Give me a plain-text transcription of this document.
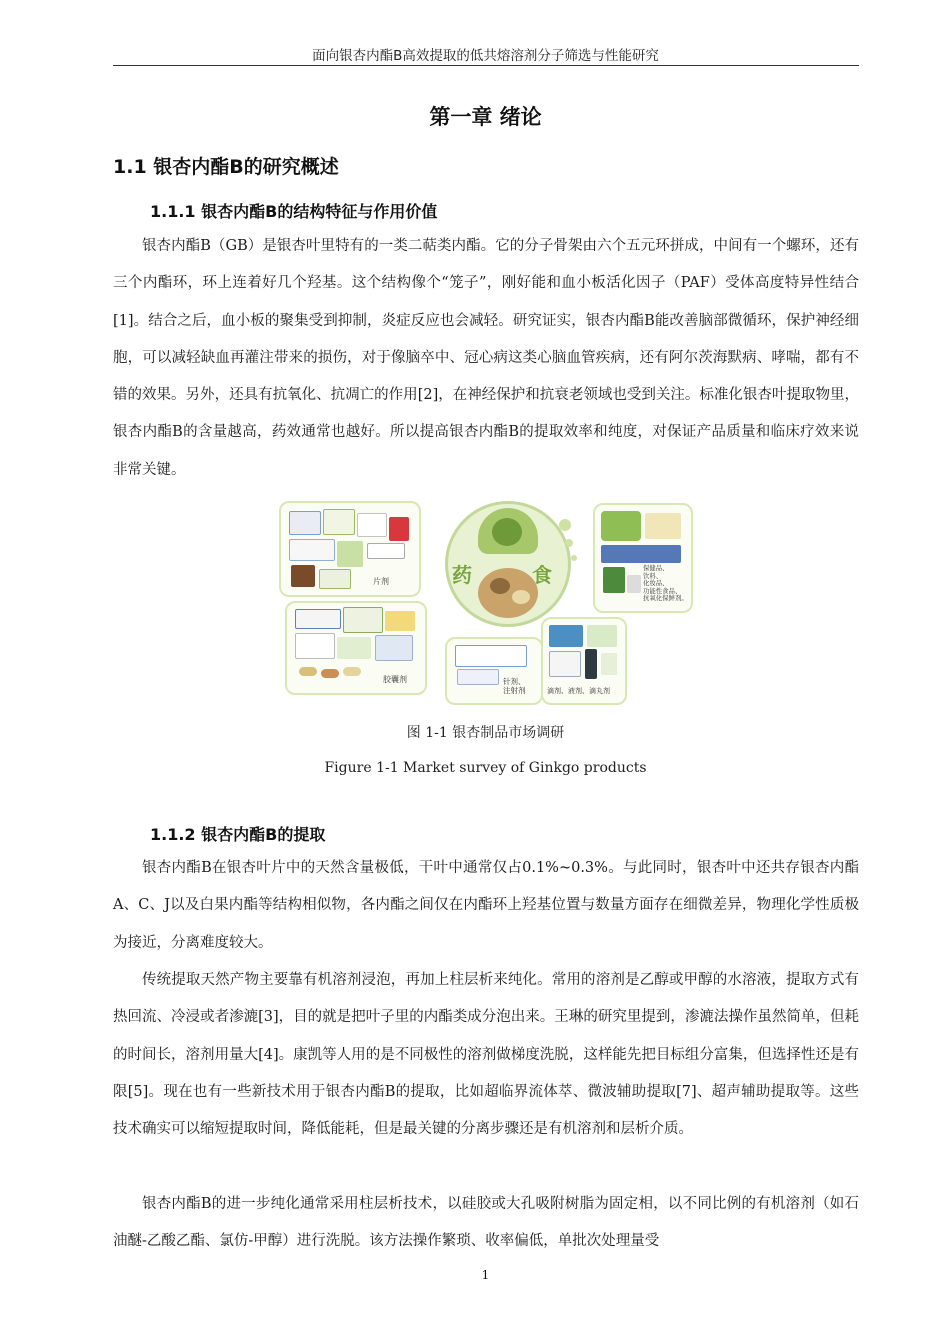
面向银杏内酯B高效提取的低共熔溶剂分子筛选与性能研究
第一章 绪论
1.1 银杏内酯B的研究概述
1.1.1 银杏内酯B的结构特征与作用价值

银杏内酯B（GB）是银杏叶里特有的一类二萜类内酯。它的分子骨架由六个五元环拼成，中间有一个螺环，还有三个内酯环，环上连着好几个羟基。这个结构像个“笼子”，刚好能和血小板活化因子（PAF）受体高度特异性结合[1]。结合之后，血小板的聚集受到抑制，炎症反应也会减轻。研究证实，银杏内酯B能改善脑部微循环，保护神经细胞，可以减轻缺血再灌注带来的损伤，对于像脑卒中、冠心病这类心脑血管疾病，还有阿尔茨海默病、哮喘，都有不错的效果。另外，还具有抗氧化、抗凋亡的作用[2]，在神经保护和抗衰老领域也受到关注。标准化银杏叶提取物里，银杏内酯B的含量越高，药效通常也越好。所以提高银杏内酯B的提取效率和纯度，对保证产品质量和临床疗效来说非常关键。

片剂
胶囊剂
药	食	保健品、
饮料、
化妆品、
功能性食品、
抗氧化保鲜剂。
针剂、
注射剂	滴剂、液剂、滴丸剂
图 1-1 银杏制品市场调研
Figure 1-1 Market survey of Ginkgo products
1.1.2 银杏内酯B的提取

银杏内酯B在银杏叶片中的天然含量极低，干叶中通常仅占0.1%~0.3%。与此同时，银杏叶中还共存银杏内酯A、C、J以及白果内酯等结构相似物，各内酯之间仅在内酯环上羟基位置与数量方面存在细微差异，物理化学性质极为接近，分离难度较大。

传统提取天然产物主要靠有机溶剂浸泡，再加上柱层析来纯化。常用的溶剂是乙醇或甲醇的水溶液，提取方式有热回流、冷浸或者渗漉[3]，目的就是把叶子里的内酯类成分泡出来。王琳的研究里提到，渗漉法操作虽然简单，但耗的时间长，溶剂用量大[4]。康凯等人用的是不同极性的溶剂做梯度洗脱，这样能先把目标组分富集，但选择性还是有限[5]。现在也有一些新技术用于银杏内酯B的提取，比如超临界流体萃、微波辅助提取[7]、超声辅助提取等。这些技术确实可以缩短提取时间，降低能耗，但是最关键的分离步骤还是有机溶剂和层析介质。

银杏内酯B的进一步纯化通常采用柱层析技术，以硅胶或大孔吸附树脂为固定相，以不同比例的有机溶剂（如石油醚-乙酸乙酯、氯仿-甲醇）进行洗脱。该方法操作繁琐、收率偏低，单批次处理量受

1
